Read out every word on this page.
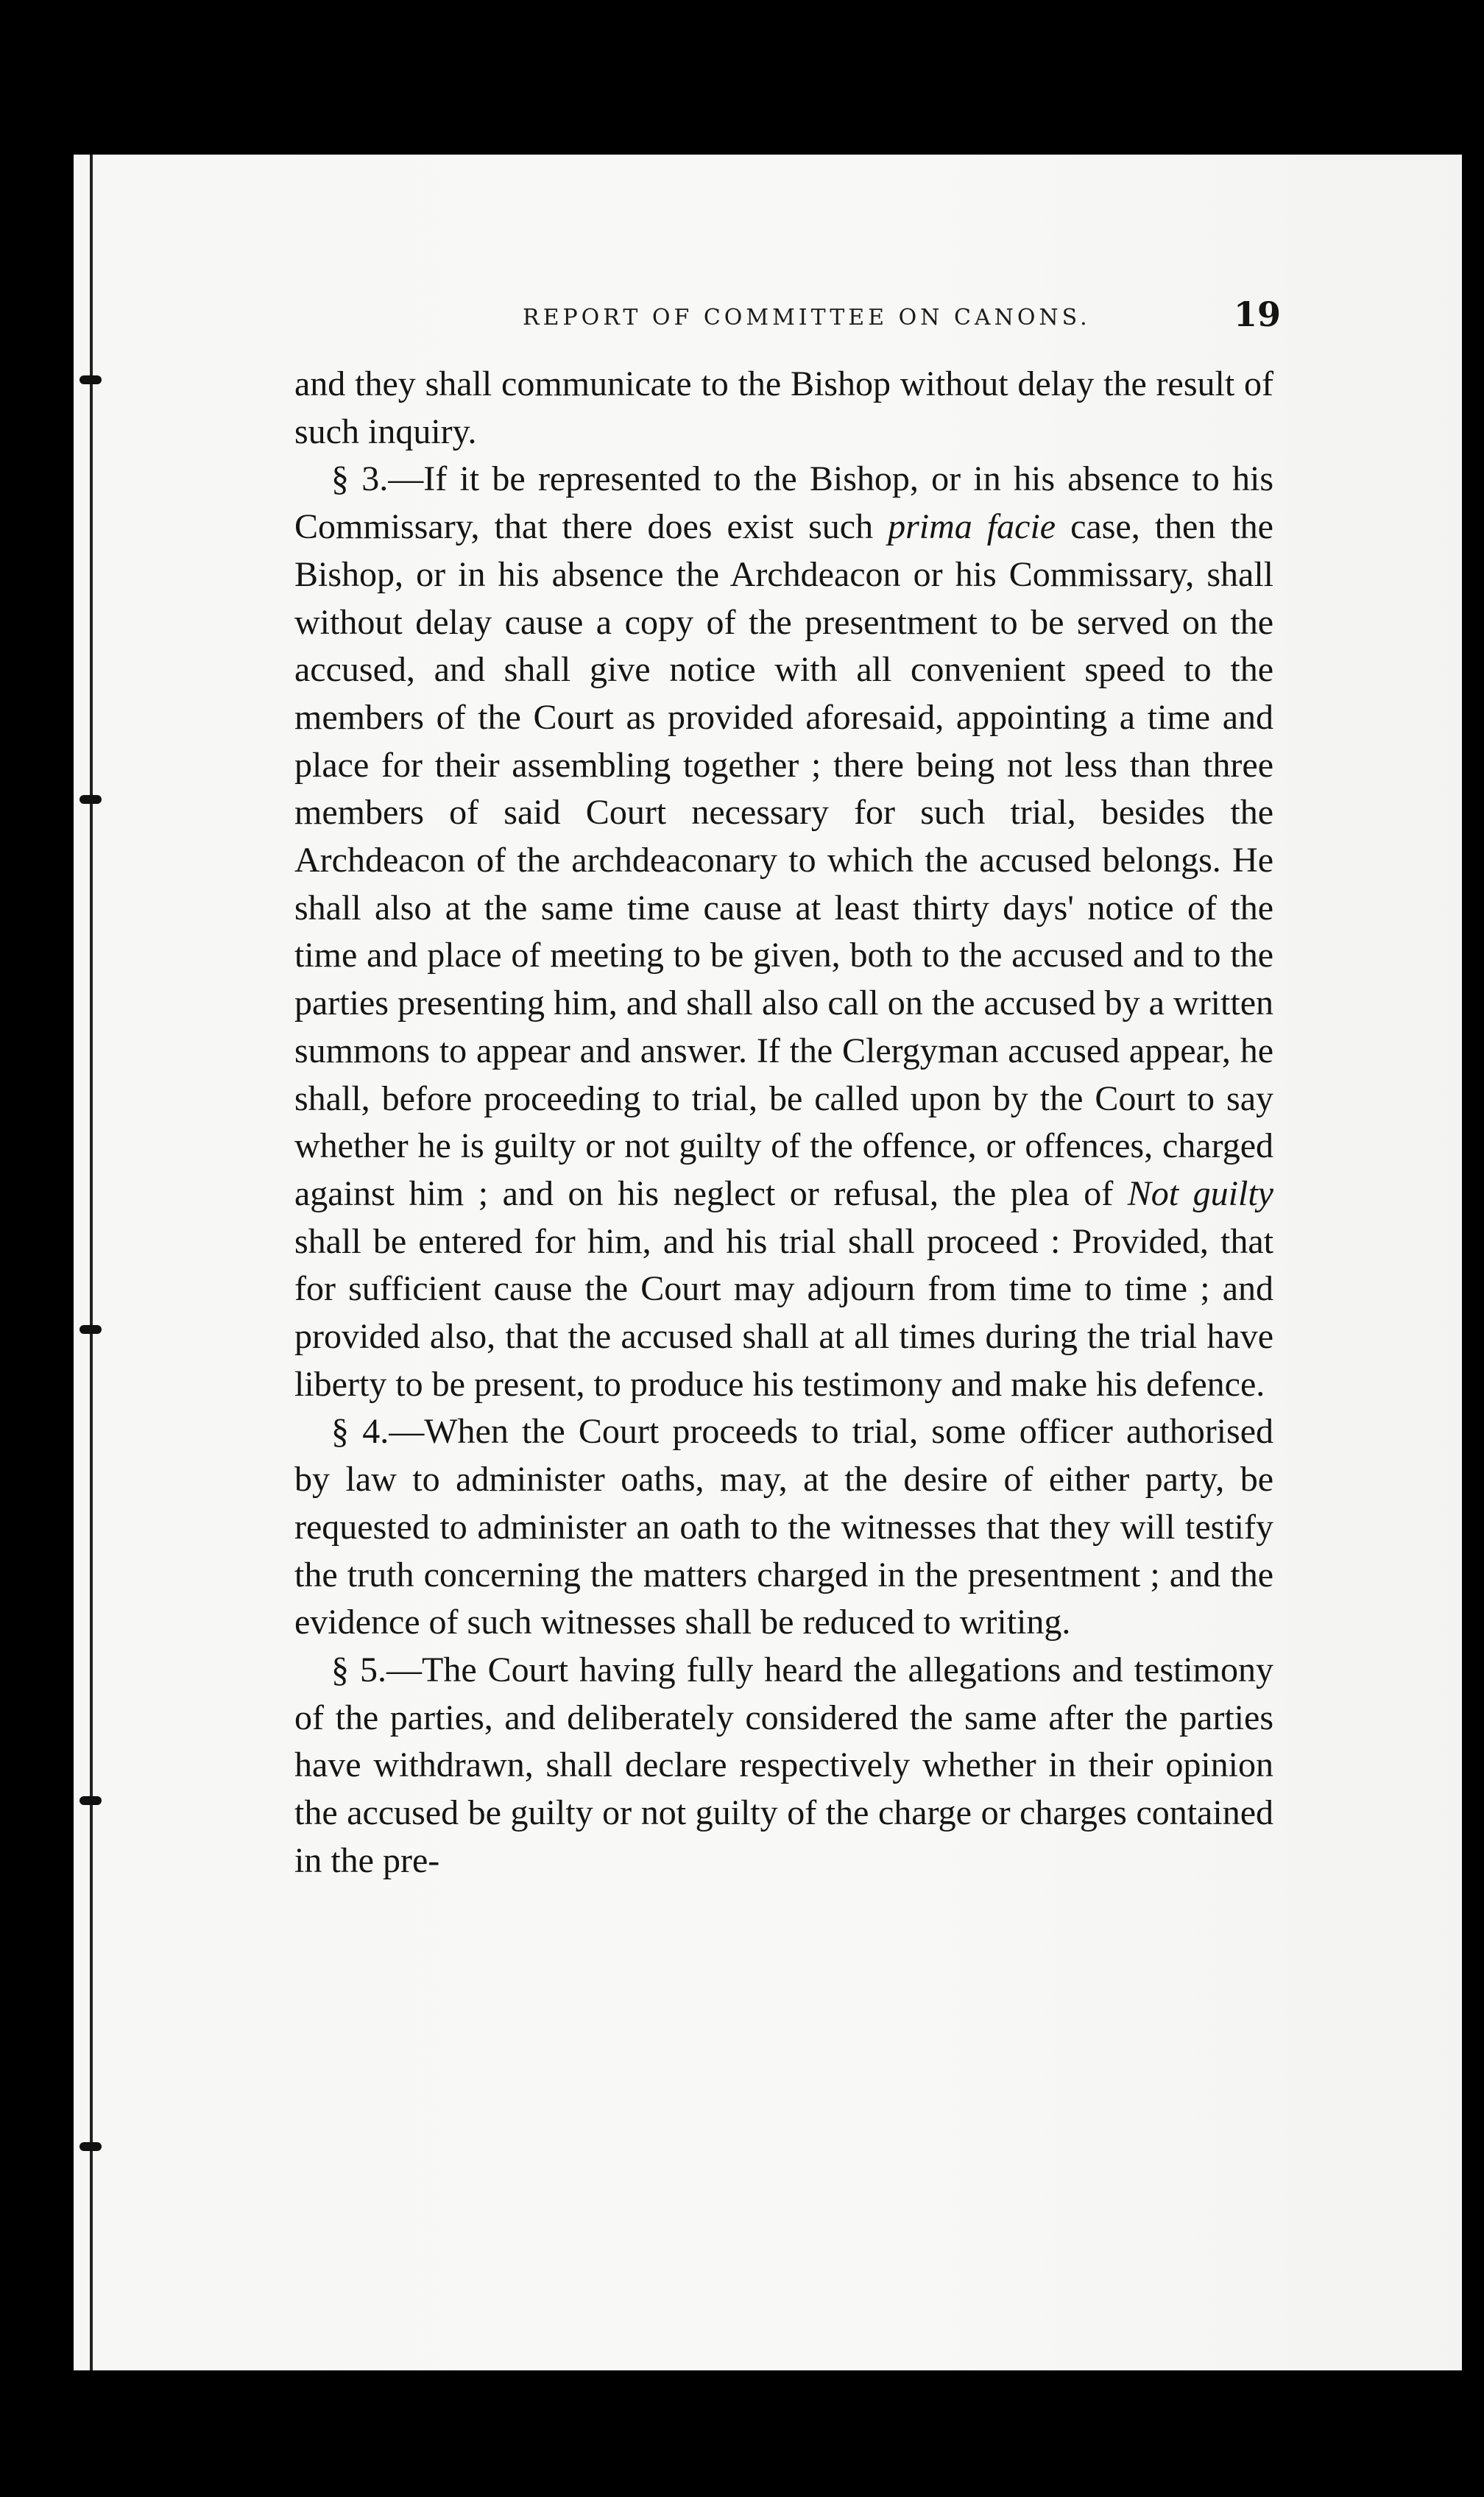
REPORT OF COMMITTEE ON CANONS.	19

and they shall communicate to the Bishop without delay the result of such inquiry.

§ 3.—If it be represented to the Bishop, or in his absence to his Commissary, that there does exist such prima facie case, then the Bishop, or in his absence the Archdeacon or his Commissary, shall without delay cause a copy of the presentment to be served on the accused, and shall give notice with all convenient speed to the members of the Court as provided aforesaid, appointing a time and place for their assembling together ; there being not less than three members of said Court necessary for such trial, besides the Archdeacon of the archdeaconary to which the accused belongs. He shall also at the same time cause at least thirty days' notice of the time and place of meeting to be given, both to the accused and to the parties presenting him, and shall also call on the accused by a written summons to appear and answer. If the Clergyman accused appear, he shall, before proceeding to trial, be called upon by the Court to say whether he is guilty or not guilty of the offence, or offences, charged against him ; and on his neglect or refusal, the plea of Not guilty shall be entered for him, and his trial shall proceed : Provided, that for sufficient cause the Court may adjourn from time to time ; and provided also, that the accused shall at all times during the trial have liberty to be present, to produce his testimony and make his defence.

§ 4.—When the Court proceeds to trial, some officer authorised by law to administer oaths, may, at the desire of either party, be requested to administer an oath to the witnesses that they will testify the truth concerning the matters charged in the presentment ; and the evidence of such witnesses shall be reduced to writing.

§ 5.—The Court having fully heard the allegations and testimony of the parties, and deliberately considered the same after the parties have withdrawn, shall declare respectively whether in their opinion the accused be guilty or not guilty of the charge or charges contained in the pre-
